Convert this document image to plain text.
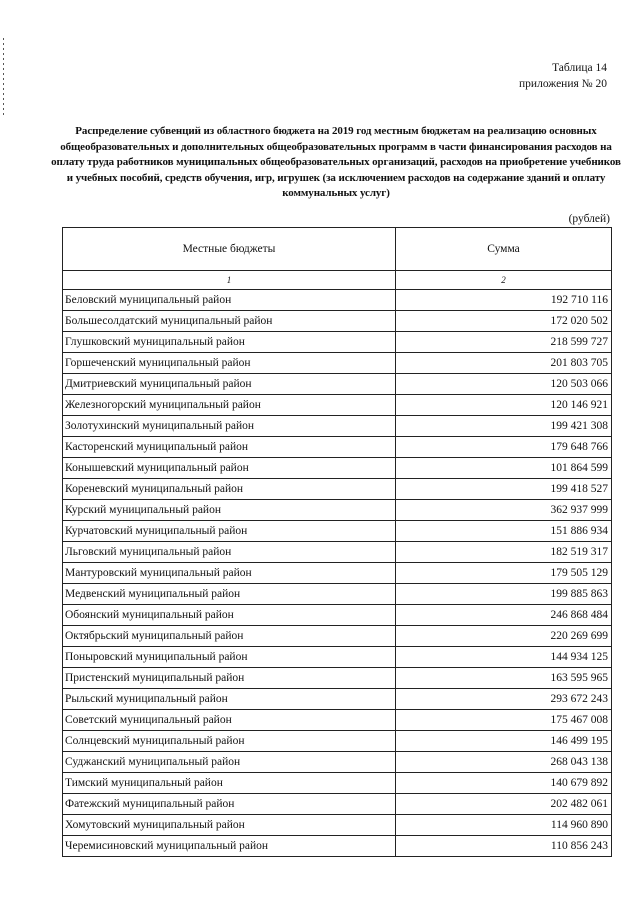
Таблица 14
приложения № 20
Распределение субвенций из областного бюджета на 2019 год местным бюджетам на реализацию основных общеобразовательных и дополнительных общеобразовательных программ в части финансирования расходов на оплату труда работников муниципальных общеобразовательных организаций, расходов на приобретение учебников и учебных пособий, средств обучения, игр, игрушек (за исключением расходов на содержание зданий и оплату коммунальных услуг)
(рублей)
Местные бюджеты	Сумма
1	2
Беловский муниципальный район	192 710 116
Большесолдатский муниципальный район	172 020 502
Глушковский муниципальный район	218 599 727
Горшеченский муниципальный район	201 803 705
Дмитриевский муниципальный район	120 503 066
Железногорский муниципальный район	120 146 921
Золотухинский муниципальный район	199 421 308
Касторенский муниципальный район	179 648 766
Конышевский муниципальный район	101 864 599
Кореневский муниципальный район	199 418 527
Курский муниципальный район	362 937 999
Курчатовский муниципальный район	151 886 934
Льговский муниципальный район	182 519 317
Мантуровский муниципальный район	179 505 129
Медвенский муниципальный район	199 885 863
Обоянский муниципальный район	246 868 484
Октябрьский муниципальный район	220 269 699
Поныровский муниципальный район	144 934 125
Пристенский муниципальный район	163 595 965
Рыльский муниципальный район	293 672 243
Советский муниципальный район	175 467 008
Солнцевский муниципальный район	146 499 195
Суджанский муниципальный район	268 043 138
Тимский муниципальный район	140 679 892
Фатежский муниципальный район	202 482 061
Хомутовский муниципальный район	114 960 890
Черемисиновский муниципальный район	110 856 243
